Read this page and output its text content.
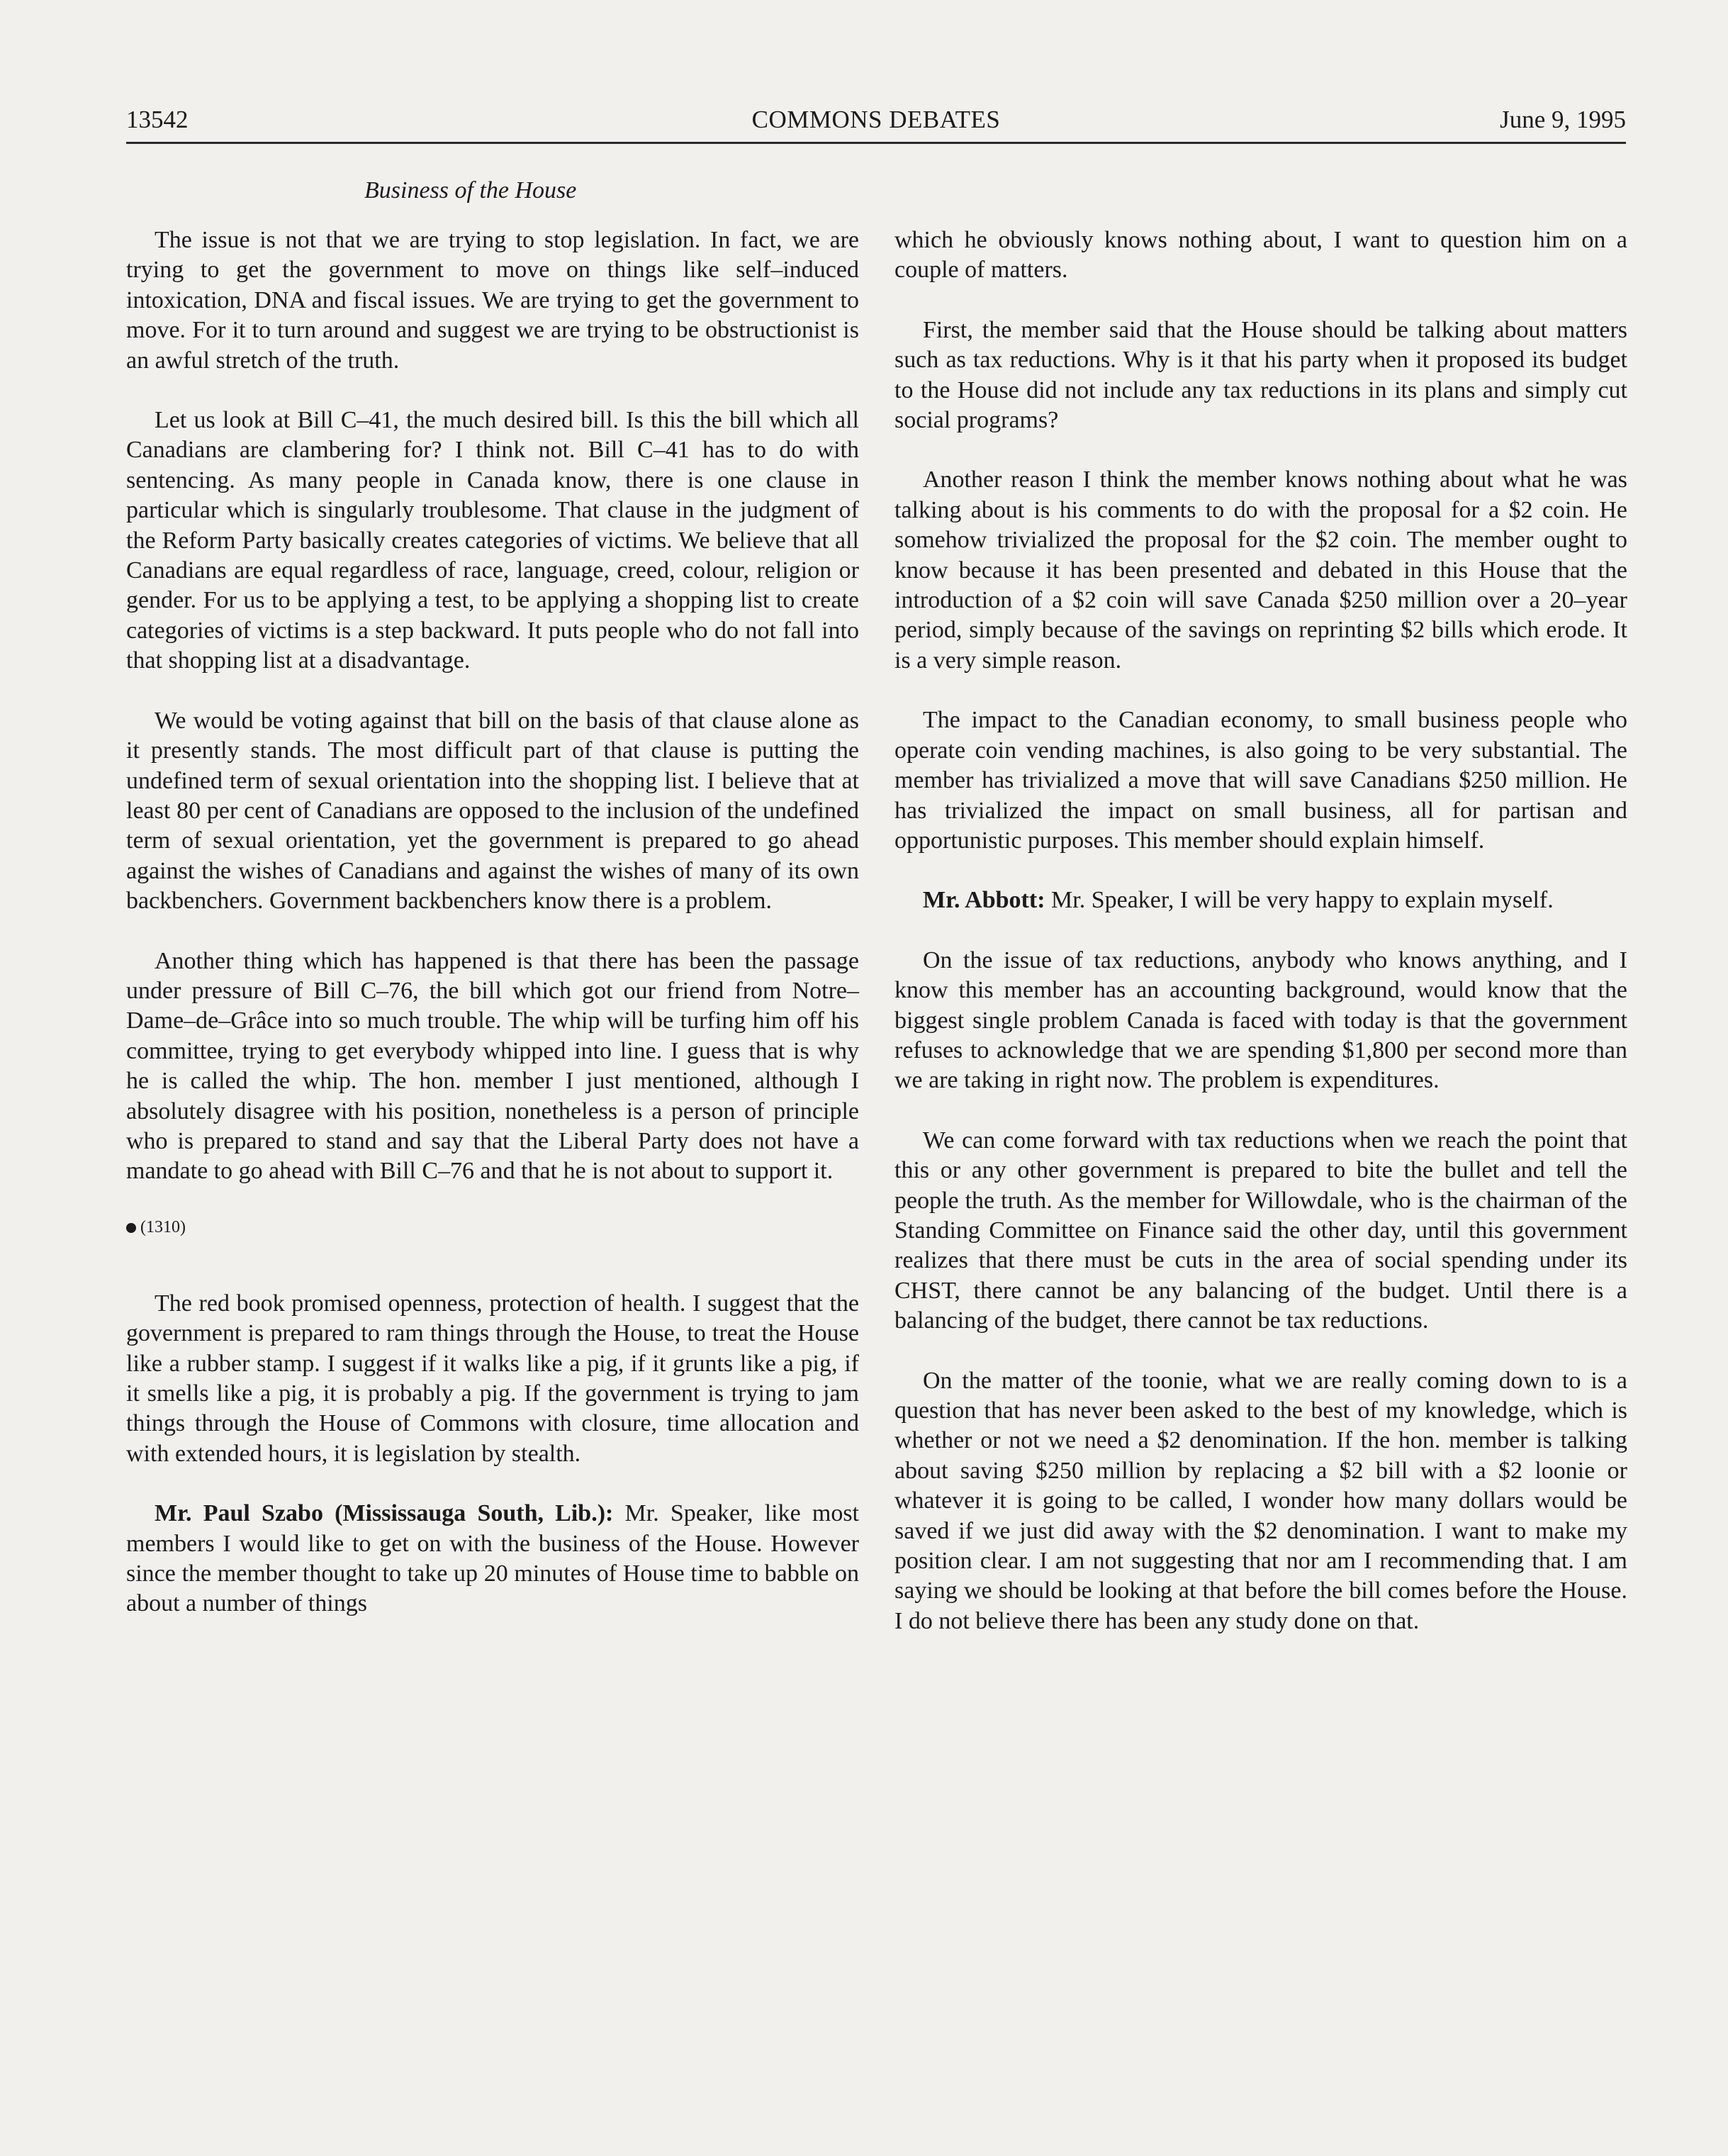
13542	COMMONS DEBATES	June 9, 1995
Business of the House

The issue is not that we are trying to stop legislation. In fact, we are trying to get the government to move on things like self–induced intoxication, DNA and fiscal issues. We are trying to get the government to move. For it to turn around and suggest we are trying to be obstructionist is an awful stretch of the truth.

Let us look at Bill C–41, the much desired bill. Is this the bill which all Canadians are clambering for? I think not. Bill C–41 has to do with sentencing. As many people in Canada know, there is one clause in particular which is singularly troublesome. That clause in the judgment of the Reform Party basically creates categories of victims. We believe that all Canadians are equal regardless of race, language, creed, colour, religion or gender. For us to be applying a test, to be applying a shopping list to create categories of victims is a step backward. It puts people who do not fall into that shopping list at a disadvantage.

We would be voting against that bill on the basis of that clause alone as it presently stands. The most difficult part of that clause is putting the undefined term of sexual orientation into the shopping list. I believe that at least 80 per cent of Canadians are opposed to the inclusion of the undefined term of sexual orientation, yet the government is prepared to go ahead against the wishes of Canadians and against the wishes of many of its own backbenchers. Government backbenchers know there is a problem.

Another thing which has happened is that there has been the passage under pressure of Bill C–76, the bill which got our friend from Notre–Dame–de–Grâce into so much trouble. The whip will be turfing him off his committee, trying to get everybody whipped into line. I guess that is why he is called the whip. The hon. member I just mentioned, although I absolutely disagree with his position, nonetheless is a person of principle who is prepared to stand and say that the Liberal Party does not have a mandate to go ahead with Bill C–76 and that he is not about to support it.

(1310)

The red book promised openness, protection of health. I suggest that the government is prepared to ram things through the House, to treat the House like a rubber stamp. I suggest if it walks like a pig, if it grunts like a pig, if it smells like a pig, it is probably a pig. If the government is trying to jam things through the House of Commons with closure, time allocation and with extended hours, it is legislation by stealth.

Mr. Paul Szabo (Mississauga South, Lib.): Mr. Speaker, like most members I would like to get on with the business of the House. However since the member thought to take up 20 minutes of House time to babble on about a number of things

which he obviously knows nothing about, I want to question him on a couple of matters.

First, the member said that the House should be talking about matters such as tax reductions. Why is it that his party when it proposed its budget to the House did not include any tax reductions in its plans and simply cut social programs?

Another reason I think the member knows nothing about what he was talking about is his comments to do with the proposal for a $2 coin. He somehow trivialized the proposal for the $2 coin. The member ought to know because it has been presented and debated in this House that the introduction of a $2 coin will save Canada $250 million over a 20–year period, simply because of the savings on reprinting $2 bills which erode. It is a very simple reason.

The impact to the Canadian economy, to small business people who operate coin vending machines, is also going to be very substantial. The member has trivialized a move that will save Canadians $250 million. He has trivialized the impact on small business, all for partisan and opportunistic purposes. This member should explain himself.

Mr. Abbott: Mr. Speaker, I will be very happy to explain myself.

On the issue of tax reductions, anybody who knows anything, and I know this member has an accounting background, would know that the biggest single problem Canada is faced with today is that the government refuses to acknowledge that we are spending $1,800 per second more than we are taking in right now. The problem is expenditures.

We can come forward with tax reductions when we reach the point that this or any other government is prepared to bite the bullet and tell the people the truth. As the member for Willowdale, who is the chairman of the Standing Committee on Finance said the other day, until this government realizes that there must be cuts in the area of social spending under its CHST, there cannot be any balancing of the budget. Until there is a balancing of the budget, there cannot be tax reductions.

On the matter of the toonie, what we are really coming down to is a question that has never been asked to the best of my knowledge, which is whether or not we need a $2 denomination. If the hon. member is talking about saving $250 million by replacing a $2 bill with a $2 loonie or whatever it is going to be called, I wonder how many dollars would be saved if we just did away with the $2 denomination. I want to make my position clear. I am not suggesting that nor am I recommending that. I am saying we should be looking at that before the bill comes before the House. I do not believe there has been any study done on that.
